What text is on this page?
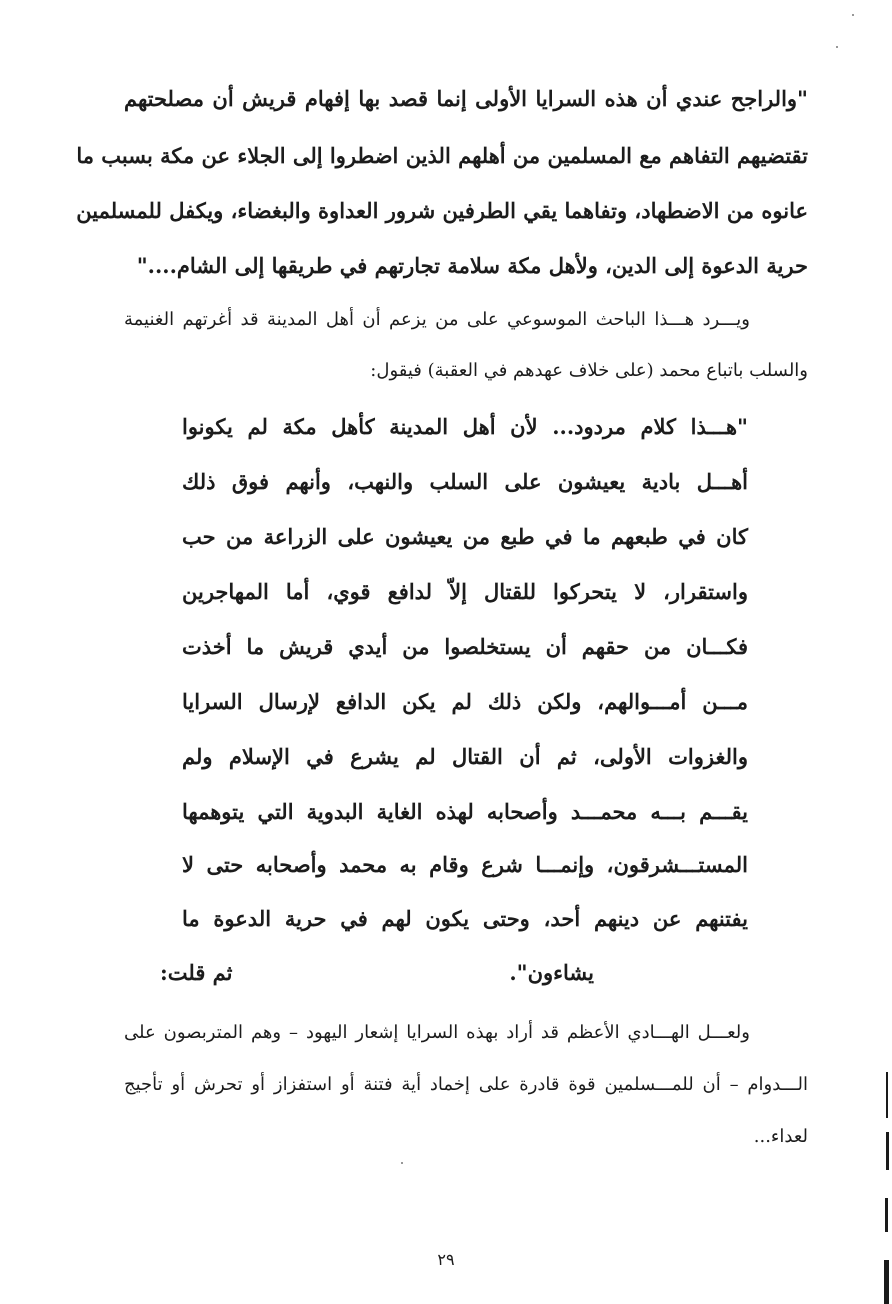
"والراجح عندي أن هذه السرايا الأولى إنما قصد بها إفهام قريش أن مصلحتهم

تقتضيهم التفاهم مع المسلمين من أهلهم الذين اضطروا إلى الجلاء عن مكة بسبب ما

عانوه من الاضطهاد، وتفاهما يقي الطرفين شرور العداوة والبغضاء، ويكفل للمسلمين

حرية الدعوة إلى الدين، ولأهل مكة سلامة تجارتهم في طريقها إلى الشام...."

ويـــرد هـــذا الباحث الموسوعي على من يزعم أن أهل المدينة قد أغرتهم الغنيمة

والسلب باتباع محمد (على خلاف عهدهم في العقبة) فيقول:

"هـــذا كلام مردود... لأن أهل المدينة كأهل مكة لم يكونوا

أهـــل بادية يعيشون على السلب والنهب، وأنهم فوق ذلك

كان في طبعهم ما في طبع من يعيشون على الزراعة من حب

واستقرار، لا يتحركوا للقتال إلاّ لدافع قوي، أما المهاجرين

فكـــان من حقهم أن يستخلصوا من أيدي قريش ما أخذت

مـــن أمـــوالهم، ولكن ذلك لم يكن الدافع لإرسال السرايا

والغزوات الأولى، ثم أن القتال لم يشرع في الإسلام ولم

يقـــم بـــه محمـــد وأصحابه لهذه الغاية البدوية التي يتوهمها

المستـــشرقون، وإنمـــا شرع وقام به محمد وأصحابه حتى لا

يفتنهم عن دينهم أحد، وحتى يكون لهم في حرية الدعوة ما

يشاءون".
ثم قلت:

ولعـــل الهـــادي الأعظم قد أراد بهذه السرايا إشعار اليهود – وهم المتربصون على

الـــدوام – أن للمـــسلمين قوة قادرة على إخماد أية فتنة أو استفزاز أو تحرش أو تأجيج

لعداء...

٢٩
